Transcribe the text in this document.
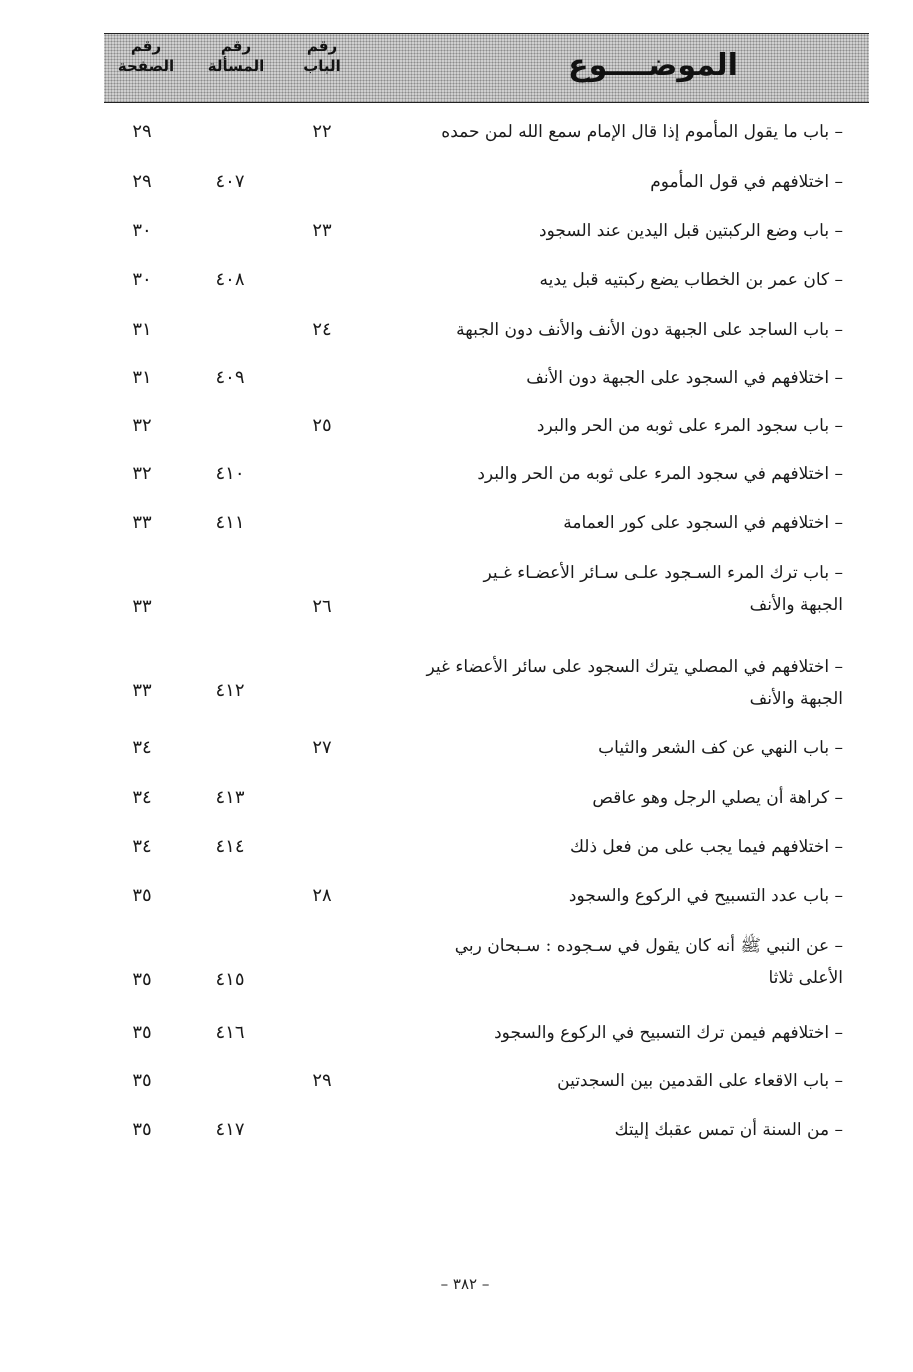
الموضــــوع
رقم
الباب
رقم
المسألة
رقم
الصفحة
– باب ما يقول المأموم إذا قال الإمام سمع الله لمن حمده
٢٢
٢٩
– اختلافهم في قول المأموم
٤٠٧
٢٩
– باب وضع الركبتين قبل اليدين عند السجود
٢٣
٣٠
– كان عمر بن الخطاب يضع ركبتيه قبل يديه
٤٠٨
٣٠
– باب الساجد على الجبهة دون الأنف والأنف دون الجبهة
٢٤
٣١
– اختلافهم في السجود على الجبهة دون الأنف
٤٠٩
٣١
– باب سجود المرء على ثوبه من الحر والبرد
٢٥
٣٢
– اختلافهم في سجود المرء على ثوبه من الحر والبرد
٤١٠
٣٢
– اختلافهم في السجود على كور العمامة
٤١١
٣٣
– باب ترك المرء السـجود علـى سـائر الأعضـاء غـير
الجبهة والأنف
٢٦
٣٣
– اختلافهم في المصلي يترك السجود على سائر الأعضاء غير
الجبهة والأنف
٤١٢
٣٣
– باب النهي عن كف الشعر والثياب
٢٧
٣٤
– كراهة أن يصلي الرجل وهو عاقص
٤١٣
٣٤
– اختلافهم فيما يجب على من فعل ذلك
٤١٤
٣٤
– باب عدد التسبيح في الركوع والسجود
٢٨
٣٥
– عن النبي ﷺ أنه كان يقول في سـجوده : سـبحان ربي
الأعلى ثلاثا
٤١٥
٣٥
– اختلافهم فيمن ترك التسبيح في الركوع والسجود
٤١٦
٣٥
– باب الاقعاء على القدمين بين السجدتين
٢٩
٣٥
– من السنة أن تمس عقبك إليتك
٤١٧
٣٥
– ٣٨٢ –
